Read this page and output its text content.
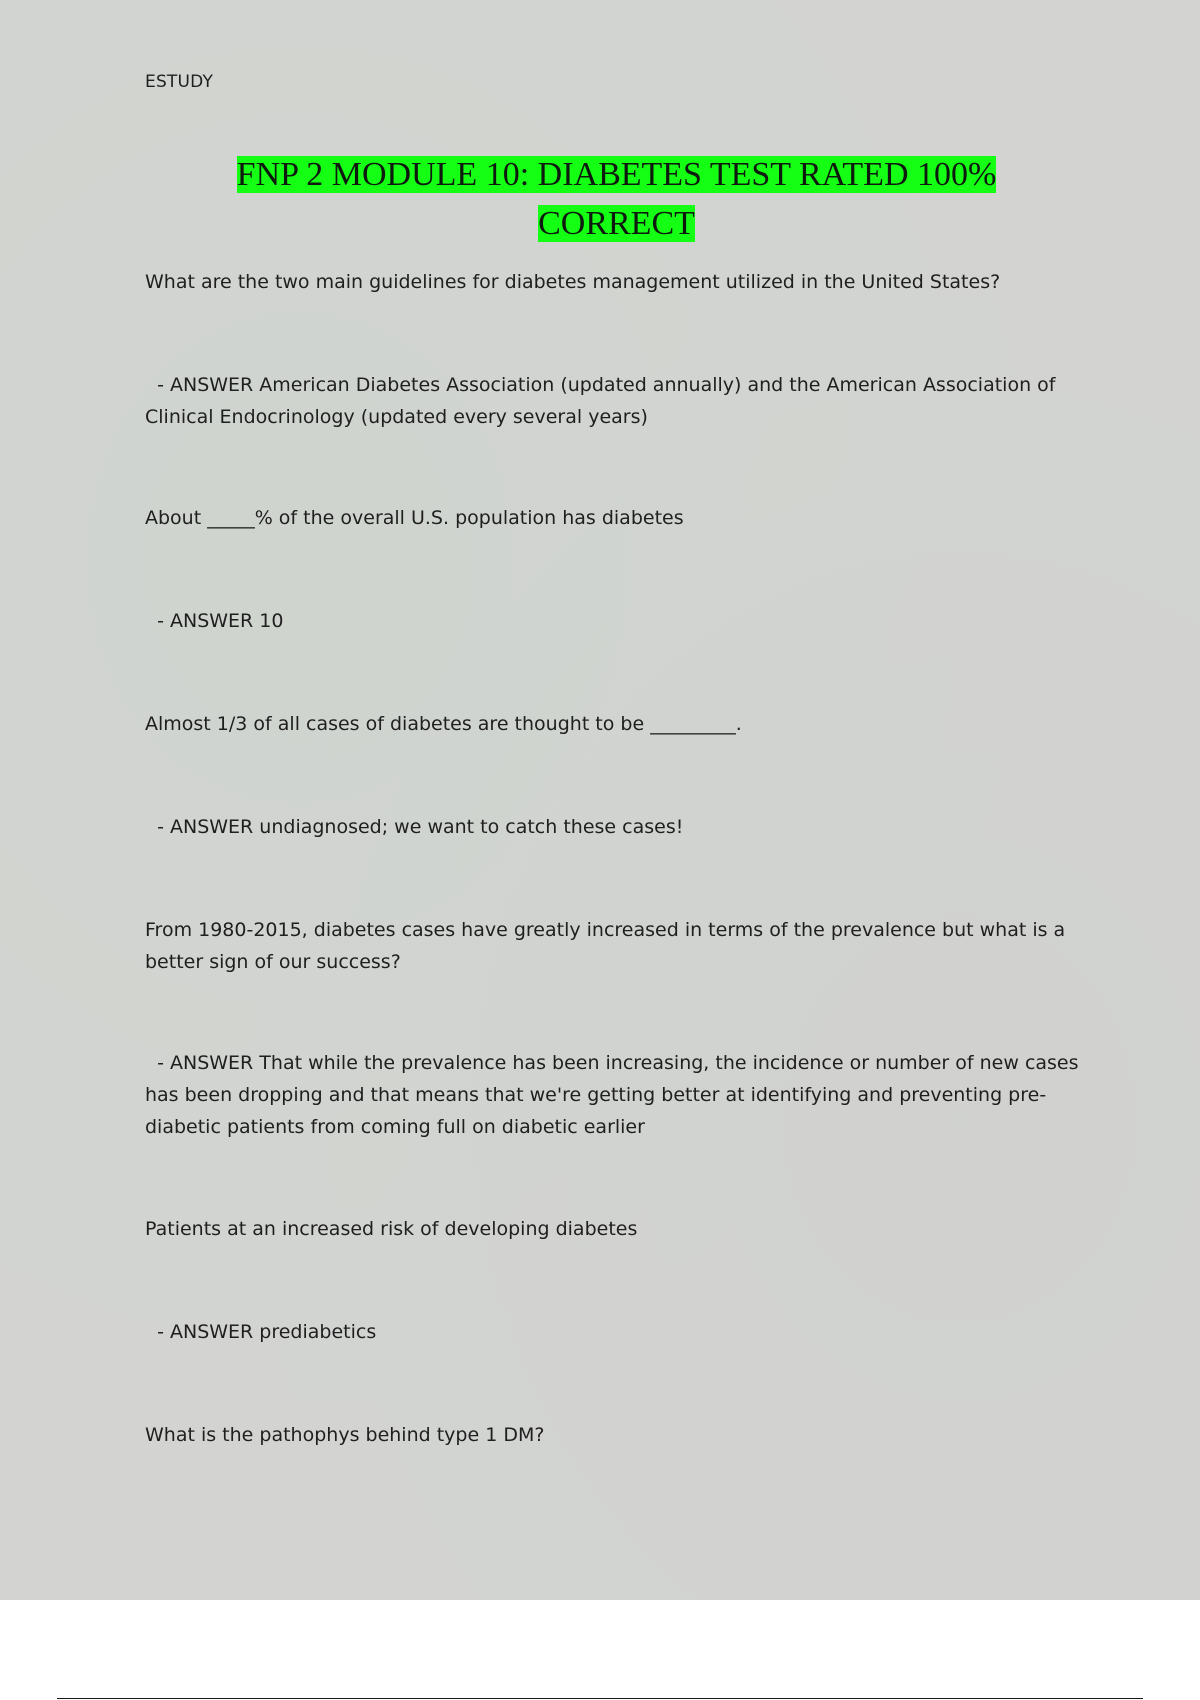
ESTUDY
FNP 2 MODULE 10: DIABETES TEST RATED 100%
CORRECT

What are the two main guidelines for diabetes management utilized in the United States?

- ANSWER American Diabetes Association (updated annually) and the American Association of Clinical Endocrinology (updated every several years)

About _____% of the overall U.S. population has diabetes

- ANSWER 10

Almost 1/3 of all cases of diabetes are thought to be _________.

- ANSWER undiagnosed; we want to catch these cases!

From 1980-2015, diabetes cases have greatly increased in terms of the prevalence but what is a better sign of our success?

- ANSWER That while the prevalence has been increasing, the incidence or number of new cases has been dropping and that means that we're getting better at identifying and preventing pre-diabetic patients from coming full on diabetic earlier

Patients at an increased risk of developing diabetes

- ANSWER prediabetics

What is the pathophys behind type 1 DM?
